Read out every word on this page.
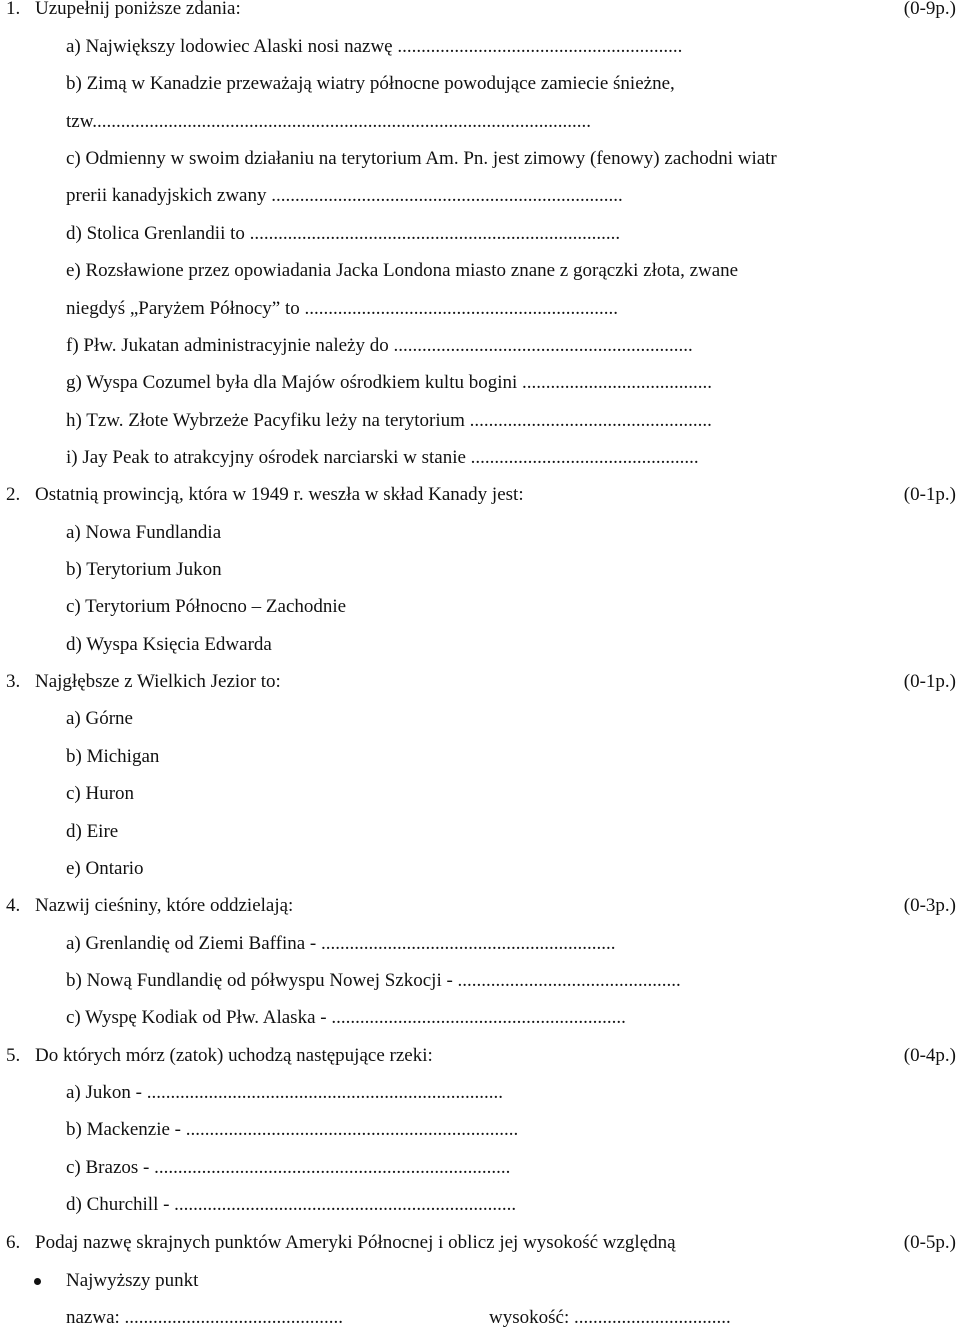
1. Uzupełnij poniższe zdania:	(0-9p.)
a) Największy lodowiec Alaski nosi nazwę ............................................................
b) Zimą w Kanadzie przeważają wiatry północne powodujące zamiecie śnieżne,
tzw.........................................................................................................
c) Odmienny w swoim działaniu na terytorium Am. Pn. jest zimowy (fenowy) zachodni wiatr
prerii kanadyjskich zwany ..........................................................................
d) Stolica Grenlandii to ..............................................................................
e) Rozsławione przez opowiadania Jacka Londona miasto znane z gorączki złota, zwane
niegdyś „Paryżem Północy” to ..................................................................
f) Płw. Jukatan administracyjnie należy do ...............................................................
g) Wyspa Cozumel była dla Majów ośrodkiem kultu bogini ........................................
h) Tzw. Złote Wybrzeże Pacyfiku leży na terytorium ...................................................
i) Jay Peak to atrakcyjny ośrodek narciarski w stanie ................................................
2. Ostatnią prowincją, która w 1949 r. weszła w skład Kanady jest:	(0-1p.)
a) Nowa Fundlandia
b) Terytorium Jukon
c) Terytorium Północno – Zachodnie
d) Wyspa Księcia Edwarda
3. Najgłębsze z Wielkich Jezior to:	(0-1p.)
a) Górne
b) Michigan
c) Huron
d) Eire
e) Ontario
4. Nazwij cieśniny, które oddzielają:	(0-3p.)
a) Grenlandię od Ziemi Baffina - ..............................................................
b) Nową Fundlandię od półwyspu Nowej Szkocji - ...............................................
c) Wyspę Kodiak od Płw. Alaska - ..............................................................
5. Do których mórz (zatok) uchodzą następujące rzeki:	(0-4p.)
a) Jukon - ...........................................................................
b) Mackenzie - ......................................................................
c) Brazos - ...........................................................................
d) Churchill - ........................................................................
6. Podaj nazwę skrajnych punktów Ameryki Północnej i oblicz jej wysokość względną	(0-5p.)
Najwyższy punkt
nazwa: ..............................................	wysokość: .................................
